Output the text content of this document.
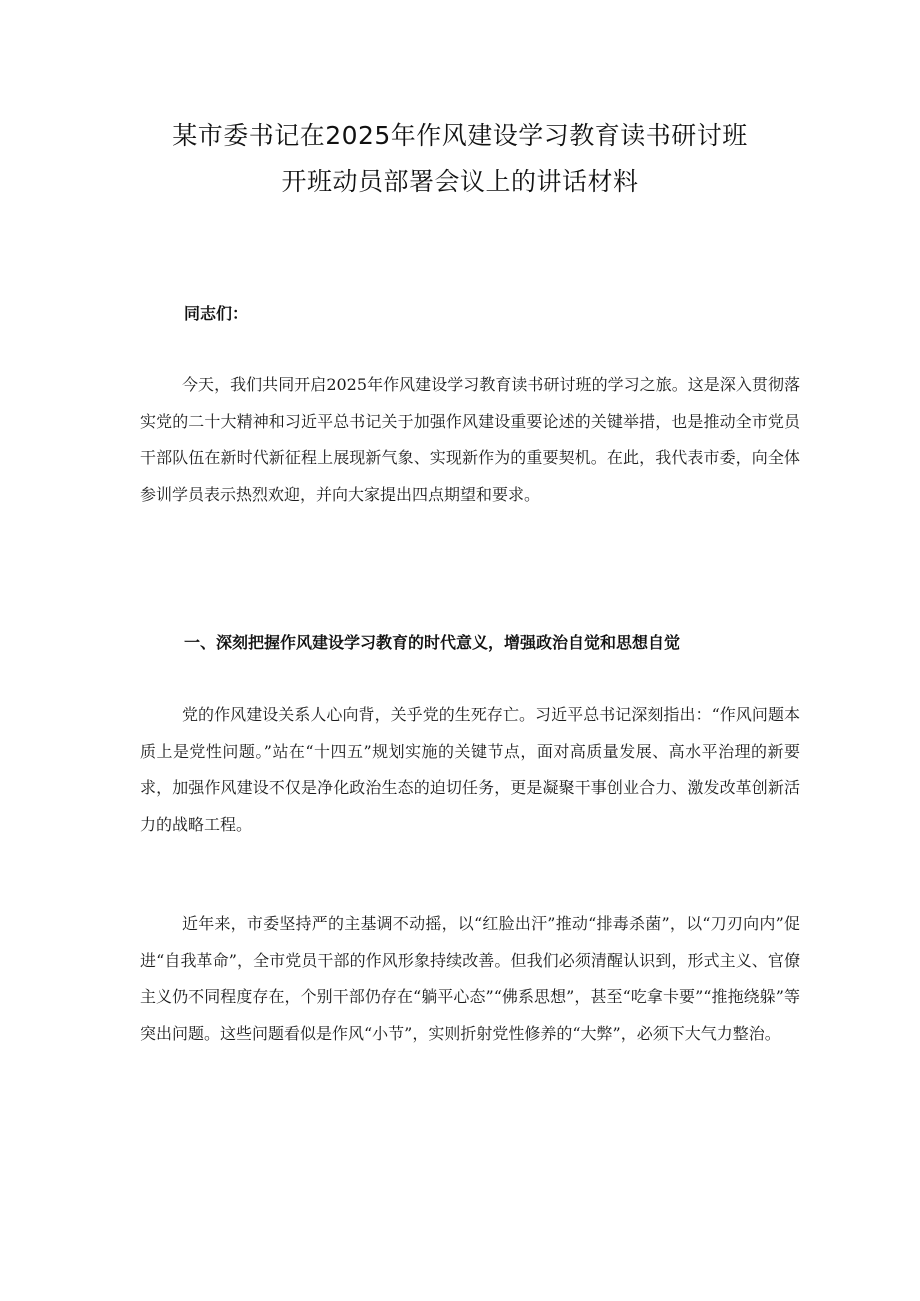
某市委书记在2025年作风建设学习教育读书研讨班
开班动员部署会议上的讲话材料
同志们：

今天，我们共同开启2025年作风建设学习教育读书研讨班的学习之旅。这是深入贯彻落实党的二十大精神和习近平总书记关于加强作风建设重要论述的关键举措，也是推动全市党员干部队伍在新时代新征程上展现新气象、实现新作为的重要契机。在此，我代表市委，向全体参训学员表示热烈欢迎，并向大家提出四点期望和要求。

一、深刻把握作风建设学习教育的时代意义，增强政治自觉和思想自觉

党的作风建设关系人心向背，关乎党的生死存亡。习近平总书记深刻指出：“作风问题本质上是党性问题。”站在“十四五”规划实施的关键节点，面对高质量发展、高水平治理的新要求，加强作风建设不仅是净化政治生态的迫切任务，更是凝聚干事创业合力、激发改革创新活力的战略工程。

近年来，市委坚持严的主基调不动摇，以“红脸出汗”推动“排毒杀菌”，以“刀刃向内”促进“自我革命”，全市党员干部的作风形象持续改善。但我们必须清醒认识到，形式主义、官僚主义仍不同程度存在，个别干部仍存在“躺平心态”“佛系思想”，甚至“吃拿卡要”“推拖绕躲”等突出问题。这些问题看似是作风“小节”，实则折射党性修养的“大弊”，必须下大气力整治。
